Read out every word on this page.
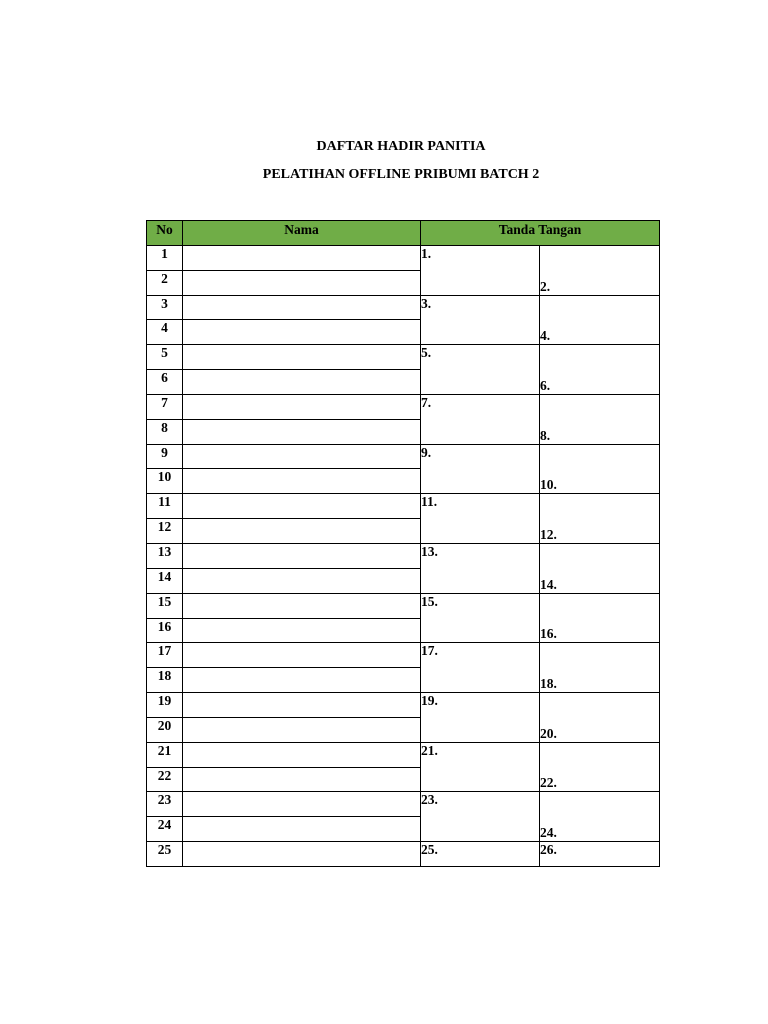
DAFTAR HADIR PANITIA
PELATIHAN OFFLINE PRIBUMI BATCH 2
No	Nama	Tanda Tangan	
1		1.	2.
2			
3		3.	4.
4			
5		5.	6.
6			
7		7.	8.
8			
9		9.	10.
10			
11		11.	12.
12			
13		13.	14.
14			
15		15.	16.
16			
17		17.	18.
18			
19		19.	20.
20			
21		21.	22.
22			
23		23.	24.
24			
25		25.	26.
